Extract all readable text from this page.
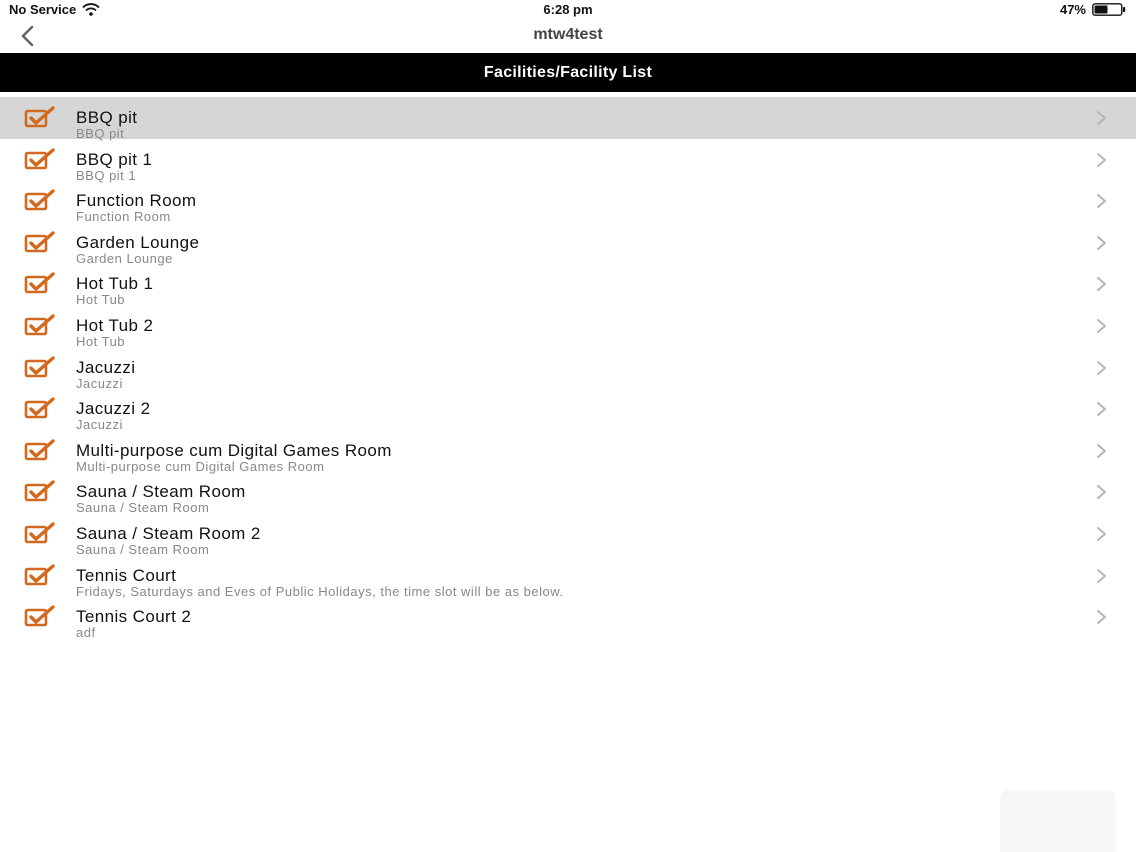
No Service	6:28 pm	47%
mtw4test
Facilities/Facility List
BBQ pit
BBQ pit
BBQ pit 1
BBQ pit 1
Function Room
Function Room
Garden Lounge
Garden Lounge
Hot Tub 1
Hot Tub
Hot Tub 2
Hot Tub
Jacuzzi
Jacuzzi
Jacuzzi 2
Jacuzzi
Multi-purpose cum Digital Games Room
Multi-purpose cum Digital Games Room
Sauna / Steam Room
Sauna / Steam Room
Sauna / Steam Room 2
Sauna / Steam Room
Tennis Court
Fridays, Saturdays and Eves of Public Holidays, the time slot will be as below.
Tennis Court 2
adf
